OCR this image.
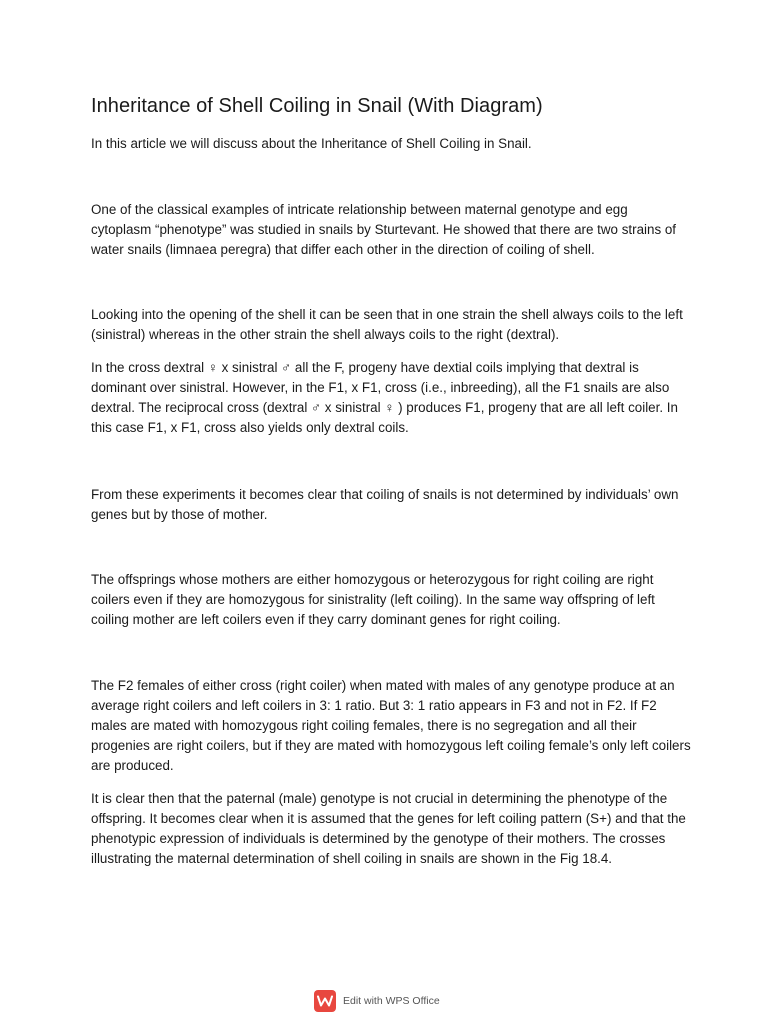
Inheritance of Shell Coiling in Snail (With Diagram)

In this article we will discuss about the Inheritance of Shell Coiling in Snail.

One of the classical examples of intricate relationship between maternal genotype and egg cytoplasm “phenotype” was studied in snails by Sturtevant. He showed that there are two strains of water snails (limnaea peregra) that differ each other in the direction of coiling of shell.

Looking into the opening of the shell it can be seen that in one strain the shell always coils to the left (sinistral) whereas in the other strain the shell always coils to the right (dextral).

In the cross dextral ♀ x sinistral ♂ all the F, progeny have dextial coils implying that dextral is dominant over sinistral. However, in the F1, x F1, cross (i.e., inbreeding), all the F1 snails are also dextral. The reciprocal cross (dextral ♂ x sinistral ♀ ) produces F1, progeny that are all left coiler. In this case F1, x F1, cross also yields only dextral coils.

From these experiments it becomes clear that coiling of snails is not determined by individuals’ own genes but by those of mother.

The offsprings whose mothers are either homozygous or heterozygous for right coiling are right coilers even if they are homozygous for sinistrality (left coiling). In the same way offspring of left coiling mother are left coilers even if they carry dominant genes for right coiling.

The F2 females of either cross (right coiler) when mated with males of any genotype produce at an average right coilers and left coilers in 3: 1 ratio. But 3: 1 ratio appears in F3 and not in F2. If F2 males are mated with homozygous right coiling females, there is no segregation and all their progenies are right coilers, but if they are mated with homozygous left coiling female’s only left coilers are produced.

It is clear then that the paternal (male) genotype is not crucial in determining the phenotype of the offspring. It becomes clear when it is assumed that the genes for left coiling pattern (S+) and that the phenotypic expression of individuals is determined by the genotype of their mothers. The crosses illustrating the maternal determination of shell coiling in snails are shown in the Fig 18.4.

Edit with WPS Office
